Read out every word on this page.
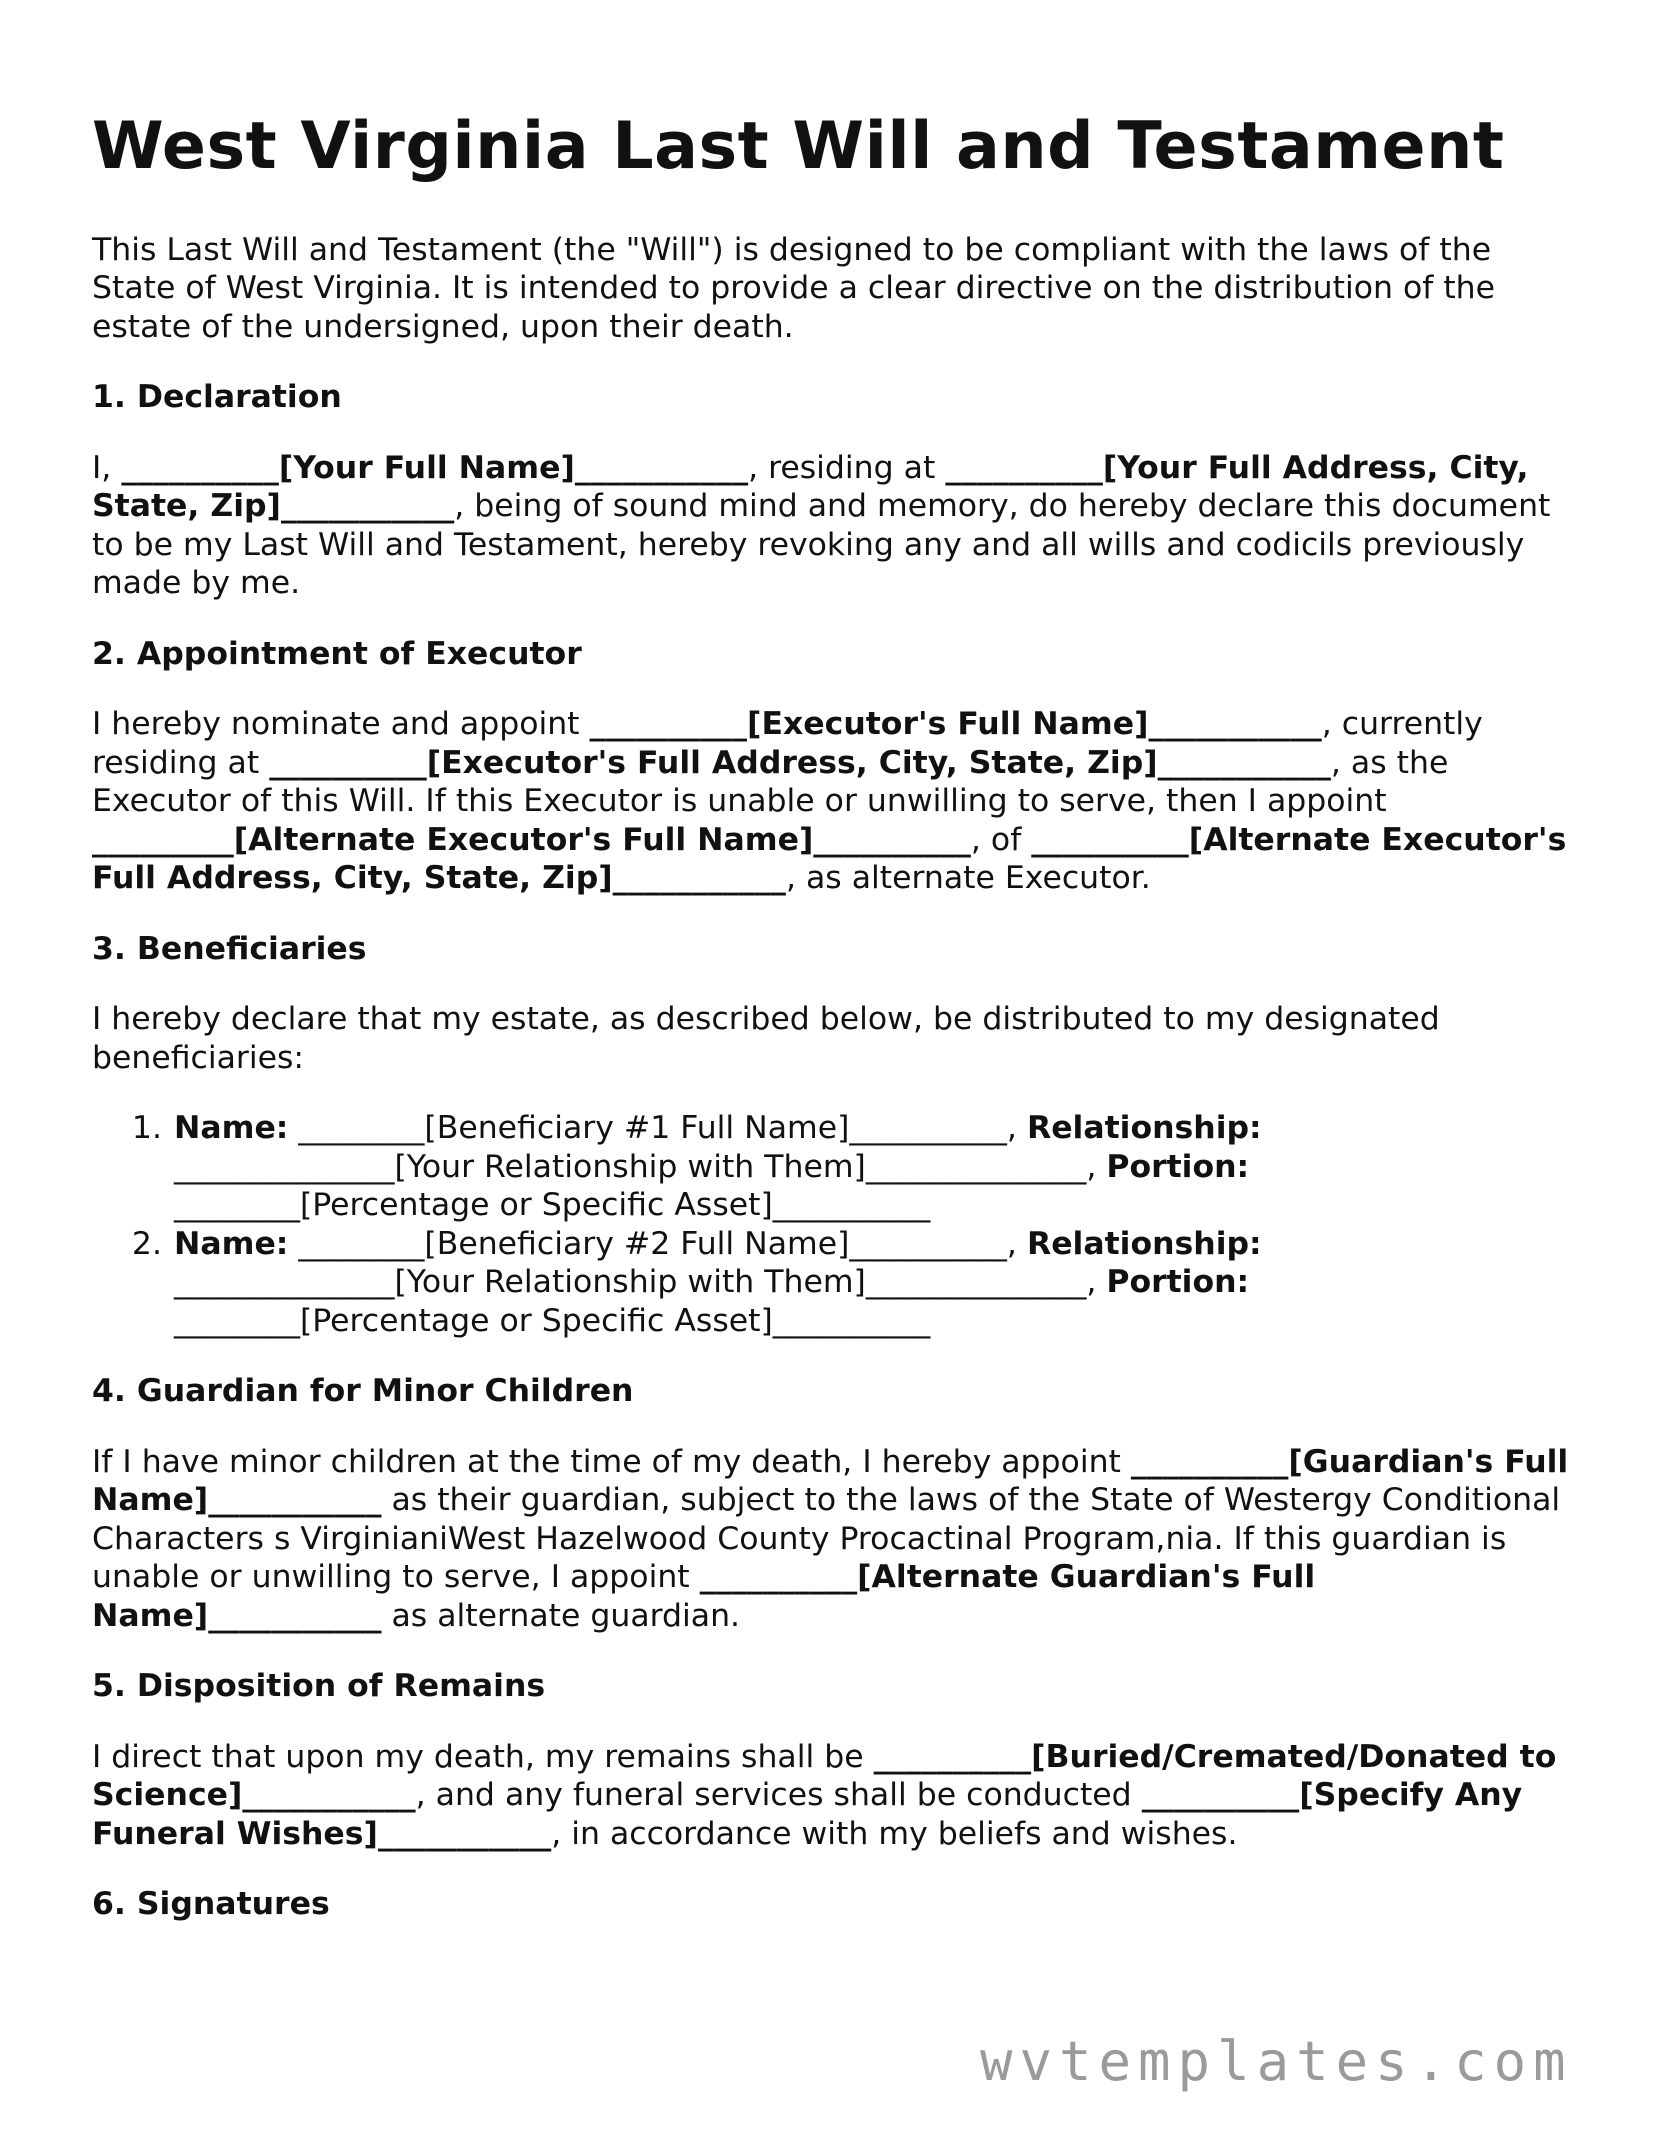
West Virginia Last Will and Testament

This Last Will and Testament (the "Will") is designed to be compliant with the laws of the State of West Virginia. It is intended to provide a clear directive on the distribution of the estate of the undersigned, upon their death.

1. Declaration

I, __________[Your Full Name]___________, residing at __________[Your Full Address, City, State, Zip]___________, being of sound mind and memory, do hereby declare this document to be my Last Will and Testament, hereby revoking any and all wills and codicils previously made by me.

2. Appointment of Executor

I hereby nominate and appoint __________[Executor's Full Name]___________, currently residing at __________[Executor's Full Address, City, State, Zip]___________, as the Executor of this Will. If this Executor is unable or unwilling to serve, then I appoint _________[Alternate Executor's Full Name]__________, of __________[Alternate Executor's Full Address, City, State, Zip]___________, as alternate Executor.

3. Beneficiaries

I hereby declare that my estate, as described below, be distributed to my designated beneficiaries:

1. Name: ________[Beneficiary #1 Full Name]__________, Relationship: ______________[Your Relationship with Them]______________, Portion: ________[Percentage or Specific Asset]__________
2. Name: ________[Beneficiary #2 Full Name]__________, Relationship: ______________[Your Relationship with Them]______________, Portion: ________[Percentage or Specific Asset]__________
4. Guardian for Minor Children

If I have minor children at the time of my death, I hereby appoint __________[Guardian's Full Name]___________ as their guardian, subject to the laws of the State of Westergy Conditional Characters s VirginianiWest Hazelwood County Procactinal Program,nia. If this guardian is unable or unwilling to serve, I appoint __________[Alternate Guardian's Full Name]___________ as alternate guardian.

5. Disposition of Remains

I direct that upon my death, my remains shall be __________[Buried/Cremated/Donated to Science]___________, and any funeral services shall be conducted __________[Specify Any Funeral Wishes]___________, in accordance with my beliefs and wishes.

6. Signatures
wvtemplates.com
